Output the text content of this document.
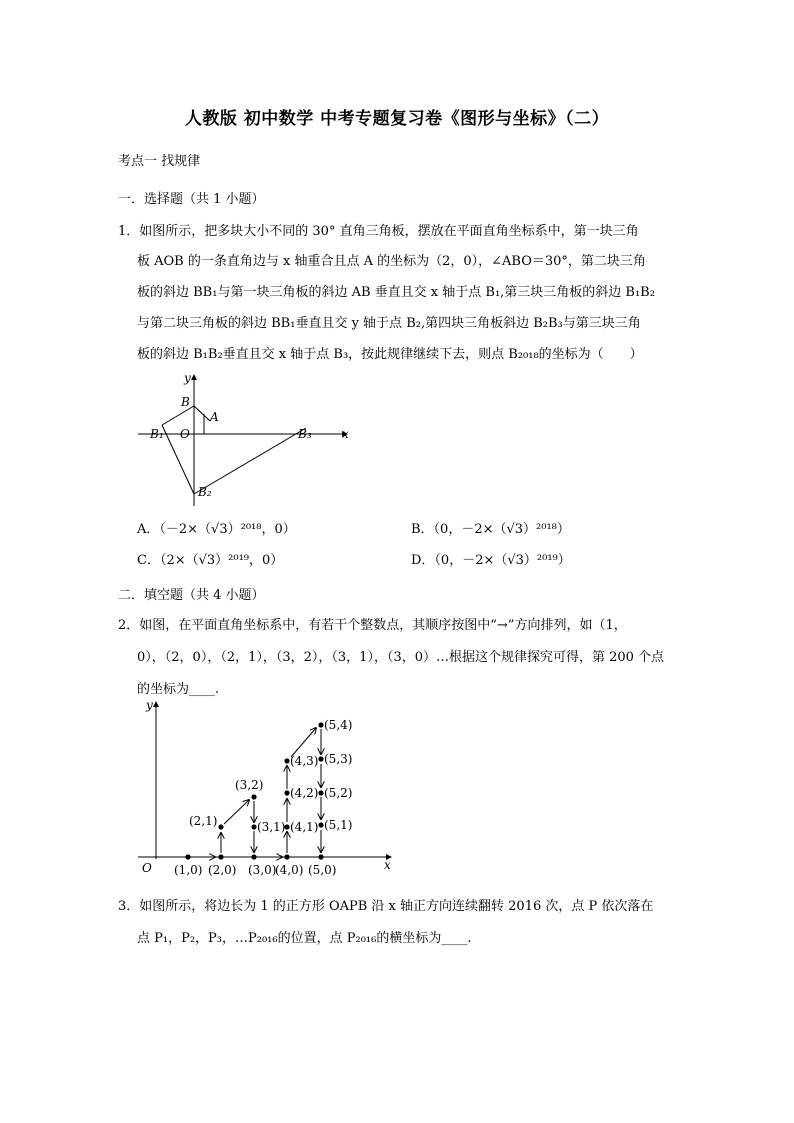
人教版 初中数学 中考专题复习卷《图形与坐标》（二）
考点一 找规律
一．选择题（共 1 小题）
1．如图所示，把多块大小不同的 30° 直角三角板，摆放在平面直角坐标系中，第一块三角
板 AOB 的一条直角边与 x 轴重合且点 A 的坐标为（2，0），∠ABO＝30°，第二块三角
板的斜边 BB₁与第一块三角板的斜边 AB 垂直且交 x 轴于点 B₁,第三块三角板的斜边 B₁B₂
与第二块三角板的斜边 BB₁垂直且交 y 轴于点 B₂,第四块三角板斜边 B₂B₃与第三块三角
板的斜边 B₁B₂垂直且交 x 轴于点 B₃，按此规律继续下去，则点 B₂₀₁₈的坐标为（　　）
y
x
B
A
O
B₁
B₂
B₃
A．（－2×（√3）²⁰¹⁸，0）	B．（0，－2×（√3）²⁰¹⁸）
C．（2×（√3）²⁰¹⁹，0）	D．（0，－2×（√3）²⁰¹⁹）
二．填空题（共 4 小题）
2．如图，在平面直角坐标系中，有若干个整数点，其顺序按图中“→”方向排列，如（1，
0），（2，0），（2，1），（3，2），（3，1），（3，0）…根据这个规律探究可得，第 200 个点
的坐标为____.
y
x
O (1,0) (2,0) (3,0)
(4,0) (5,0)
(2,1)
(3,2)
(3,1) (4,1)
(4,2)
(4,3)
(5,4)
(5,3)
(5,2)
(5,1)
3．如图所示，将边长为 1 的正方形 OAPB 沿 x 轴正方向连续翻转 2016 次，点 P 依次落在
点 P₁，P₂，P₃，…P₂₀₁₆的位置，点 P₂₀₁₆的横坐标为____.
